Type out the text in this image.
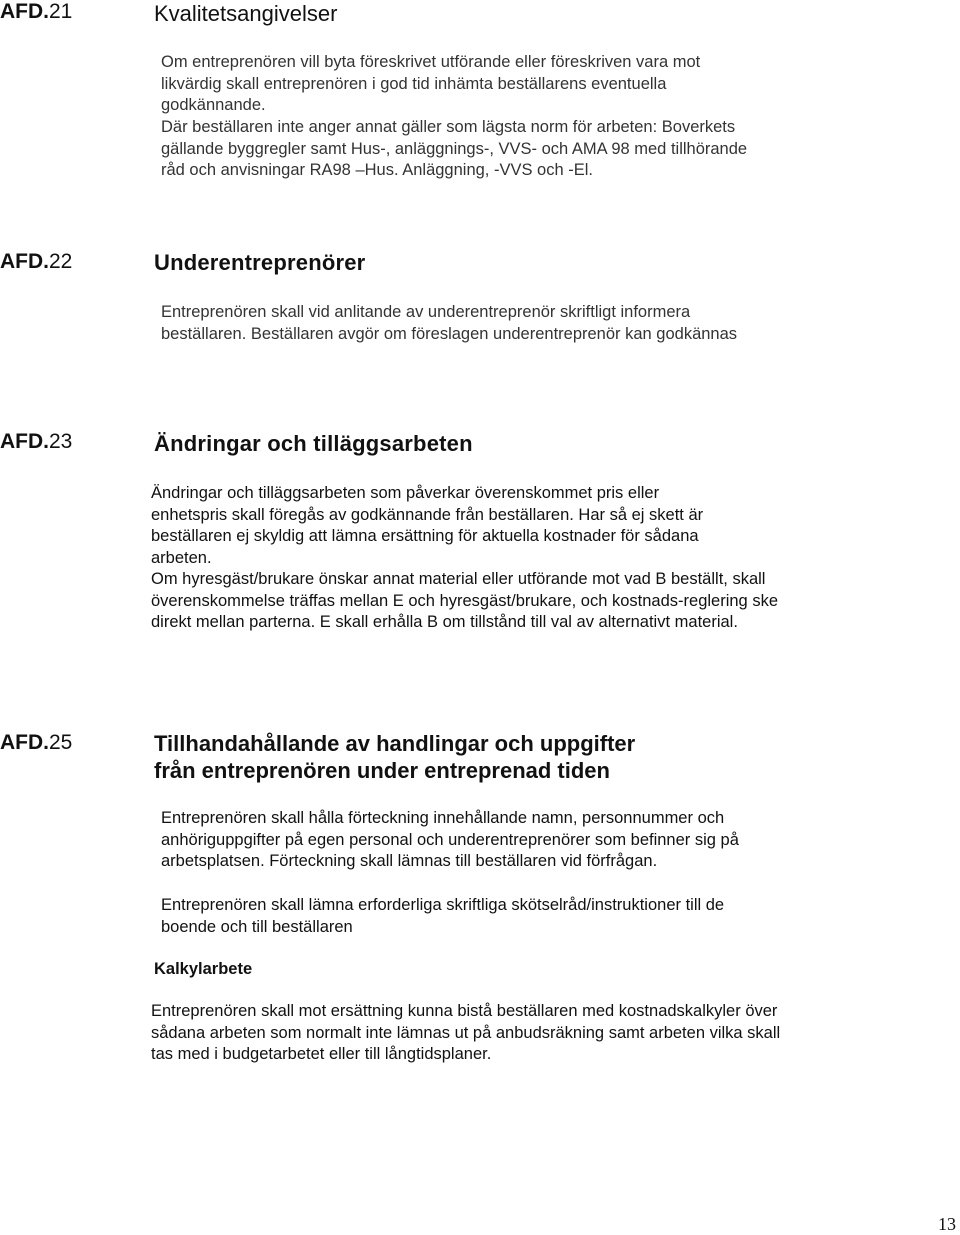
AFD.21	Kvalitetsangivelser
Om entreprenören vill byta föreskrivet utförande eller föreskriven vara mot likvärdig skall entreprenören i god tid inhämta beställarens eventuella godkännande.
Där beställaren inte anger annat gäller som lägsta norm för arbeten: Boverkets gällande byggregler samt Hus-, anläggnings-, VVS- och AMA 98 med tillhörande råd och anvisningar RA98 –Hus. Anläggning, -VVS och -El.
AFD.22	Underentreprenörer
Entreprenören skall vid anlitande av underentreprenör skriftligt informera beställaren. Beställaren avgör om föreslagen underentreprenör kan godkännas
AFD.23	Ändringar och tilläggsarbeten
Ändringar och tilläggsarbeten som påverkar överenskommet pris eller enhetspris skall föregås av godkännande från beställaren. Har så ej skett är beställaren ej skyldig att lämna ersättning för aktuella kostnader för sådana arbeten.
Om hyresgäst/brukare önskar annat material eller utförande mot vad B beställt, skall överenskommelse träffas mellan E och hyresgäst/brukare, och kostnads-reglering ske direkt mellan parterna. E skall erhålla B om tillstånd till val av alternativt material.
AFD.25	Tillhandahållande av handlingar och uppgifter
från entreprenören under entreprenad tiden
Entreprenören skall hålla förteckning innehållande namn, personnummer och anhöriguppgifter på egen personal och underentreprenörer som befinner sig på arbetsplatsen. Förteckning skall lämnas till beställaren vid förfrågan.
Entreprenören skall lämna erforderliga skriftliga skötselråd/instruktioner till de boende och till beställaren
Kalkylarbete
Entreprenören skall mot ersättning kunna bistå beställaren med kostnadskalkyler över sådana arbeten som normalt inte lämnas ut på anbudsräkning samt arbeten vilka skall tas med i budgetarbetet eller till långtidsplaner.
13
